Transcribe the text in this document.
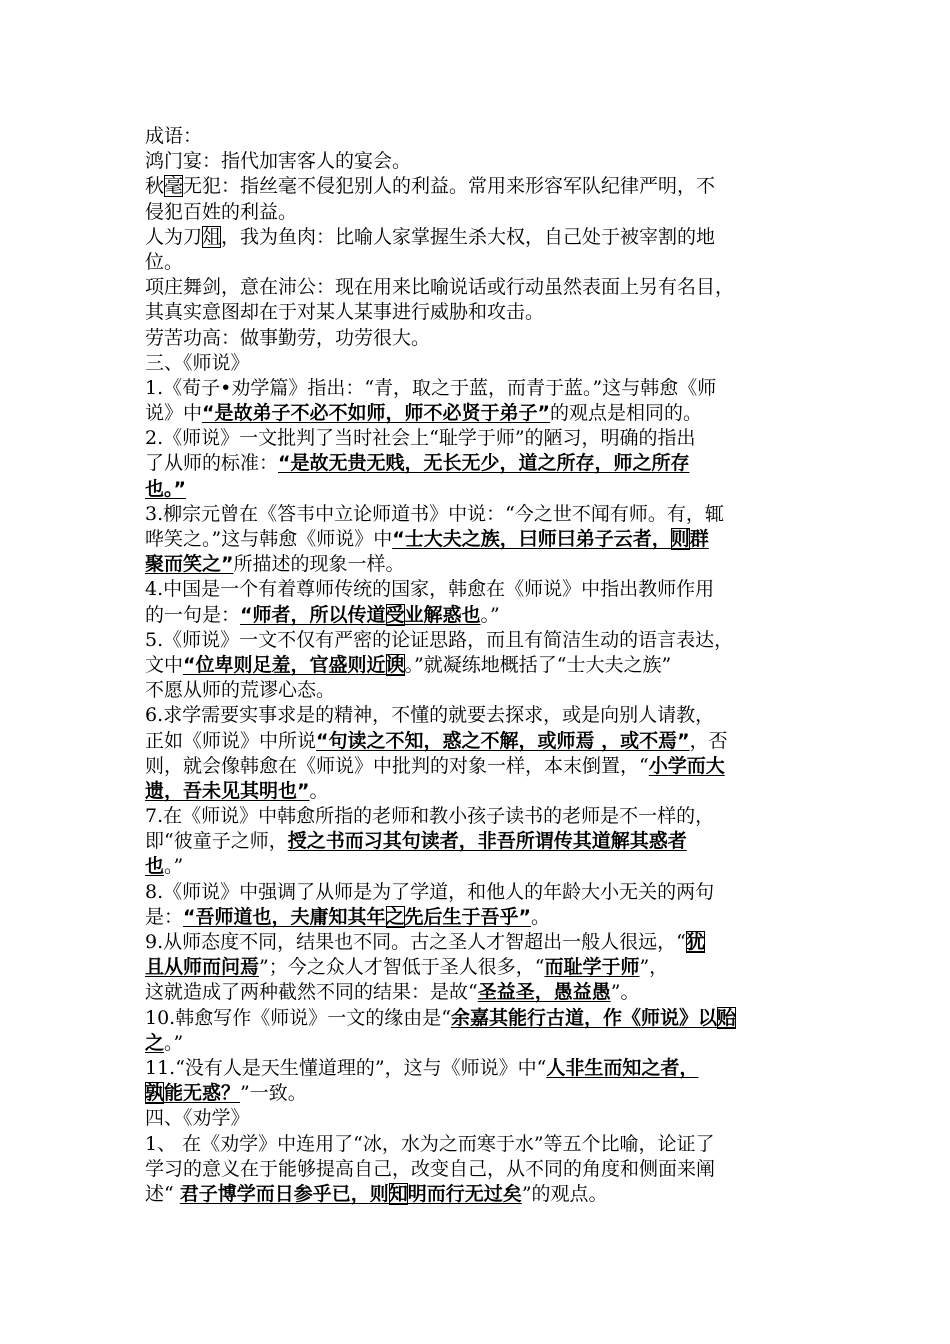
成语：
鸿门宴：指代加害客人的宴会。
秋毫无犯：指丝毫不侵犯别人的利益。常用来形容军队纪律严明，不
侵犯百姓的利益。
人为刀俎，我为鱼肉：比喻人家掌握生杀大权，自己处于被宰割的地
位。
项庄舞剑，意在沛公：现在用来比喻说话或行动虽然表面上另有名目，
其真实意图却在于对某人某事进行威胁和攻击。
劳苦功高：做事勤劳，功劳很大。
三、《师说》
1.《荀子•劝学篇》指出：“青，取之于蓝，而青于蓝。”这与韩愈《师
说》中“是故弟子不必不如师，师不必贤于弟子”的观点是相同的。
2.《师说》一文批判了当时社会上“耻学于师”的陋习，明确的指出
了从师的标准：“是故无贵无贱，无长无少，道之所存，师之所存
也。”
3.柳宗元曾在《答韦中立论师道书》中说：“今之世不闻有师。有，辄
哗笑之。”这与韩愈《师说》中“士大夫之族，曰师曰弟子云者，则群
聚而笑之”所描述的现象一样。
4.中国是一个有着尊师传统的国家，韩愈在《师说》中指出教师作用
的一句是：“师者，所以传道受业解惑也。”
5.《师说》一文不仅有严密的论证思路，而且有简洁生动的语言表达，
文中“位卑则足羞，官盛则近谀。”就凝练地概括了“士大夫之族”
不愿从师的荒谬心态。
6.求学需要实事求是的精神，不懂的就要去探求，或是向别人请教，
正如《师说》中所说“句读之不知，惑之不解，或师焉 ，或不焉”，否
则，就会像韩愈在《师说》中批判的对象一样，本末倒置，“小学而大
遗，吾未见其明也”。
7.在《师说》中韩愈所指的老师和教小孩子读书的老师是不一样的，
即“彼童子之师，授之书而习其句读者，非吾所谓传其道解其惑者
也。”
8.《师说》中强调了从师是为了学道，和他人的年龄大小无关的两句
是：“吾师道也，夫庸知其年之先后生于吾乎”。
9.从师态度不同，结果也不同。古之圣人才智超出一般人很远，“犹
且从师而问焉”；今之众人才智低于圣人很多，“而耻学于师”，
这就造成了两种截然不同的结果：是故“圣益圣，愚益愚”。
10.韩愈写作《师说》一文的缘由是“余嘉其能行古道，作《师说》以贻
之。”
11.“没有人是天生懂道理的”，这与《师说》中“人非生而知之者，
孰能无惑？”一致。
四、《劝学》
1、 在《劝学》中连用了“冰，水为之而寒于水”等五个比喻，论证了
学习的意义在于能够提高自己，改变自己，从不同的角度和侧面来阐
述“ 君子博学而日参乎已，则知明而行无过矣”的观点。
